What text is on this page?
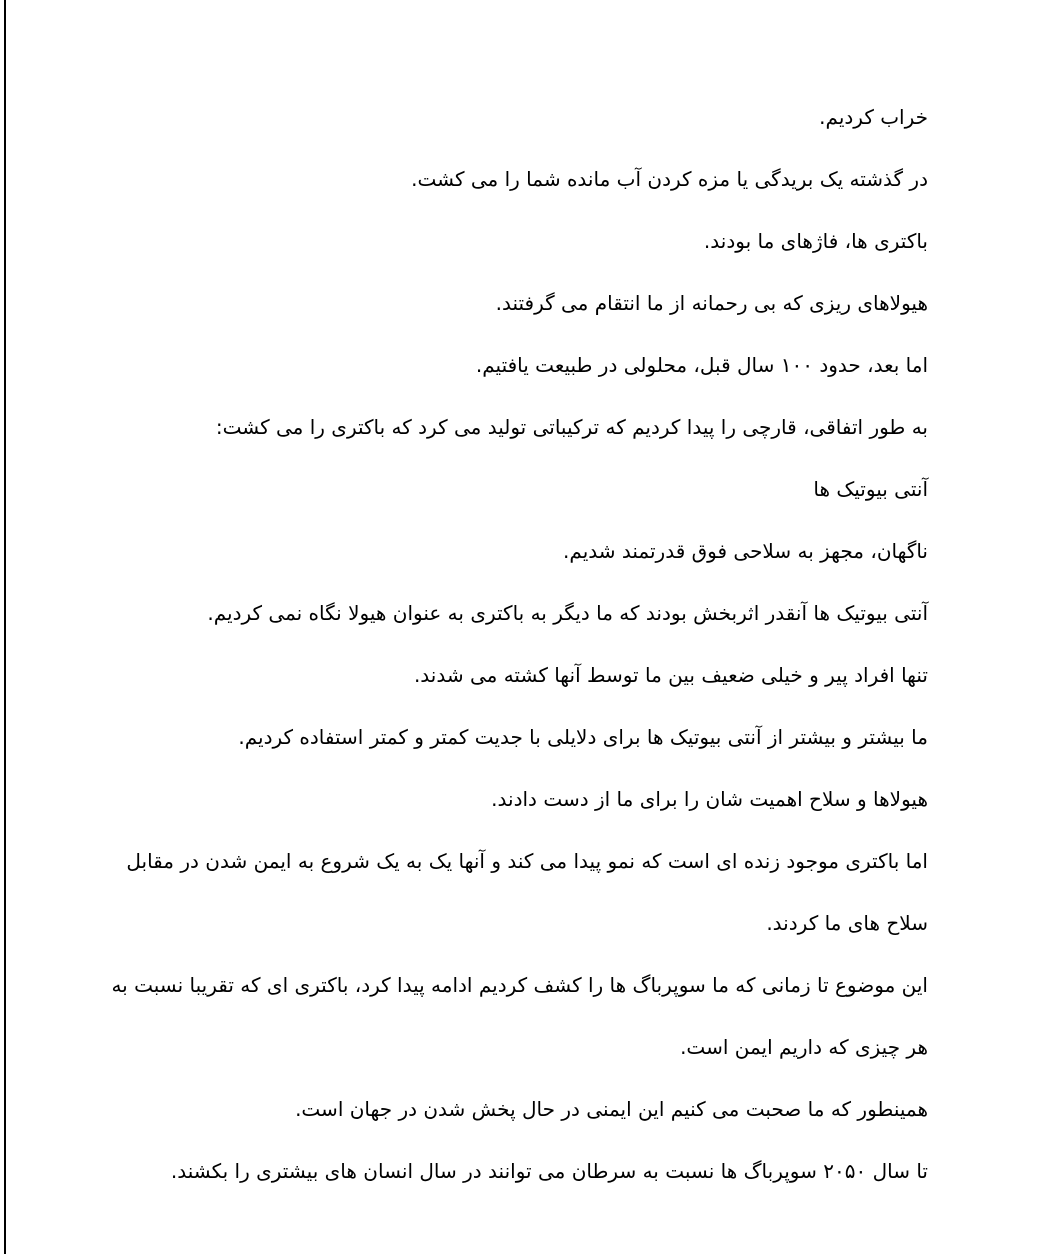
خراب کردیم.

در گذشته یک بریدگی یا مزه کردن آب مانده شما را می کشت.

باکتری ها، فاژهای ما بودند.

هیولاهای ریزی که بی رحمانه از ما انتقام می گرفتند.

اما بعد، حدود ۱۰۰ سال قبل، محلولی در طبیعت یافتیم.

به طور اتفاقی، قارچی را پیدا کردیم که ترکیباتی تولید می کرد که باکتری را می کشت:

آنتی بیوتیک ها

ناگهان، مجهز به سلاحی فوق قدرتمند شدیم.

آنتی بیوتیک ها آنقدر اثربخش بودند که ما دیگر به باکتری به عنوان هیولا نگاه نمی کردیم.

تنها افراد پیر و خیلی ضعیف بین ما توسط آنها کشته می شدند.

ما بیشتر و بیشتر از آنتی بیوتیک ها برای دلایلی با جدیت کمتر و کمتر استفاده کردیم.

هیولاها و سلاح اهمیت شان را برای ما از دست دادند.

اما باکتری موجود زنده ای است که نمو پیدا می کند و آنها یک به یک شروع به ایمن شدن در مقابل سلاح های ما کردند.

این موضوع تا زمانی که ما سوپرباگ ها را کشف کردیم ادامه پیدا کرد، باکتری ای که تقریبا نسبت به هر چیزی که داریم ایمن است.

همینطور که ما صحبت می کنیم این ایمنی در حال پخش شدن در جهان است.

تا سال ۲۰۵۰ سوپرباگ ها نسبت به سرطان می توانند در سال انسان های بیشتری را بکشند.
